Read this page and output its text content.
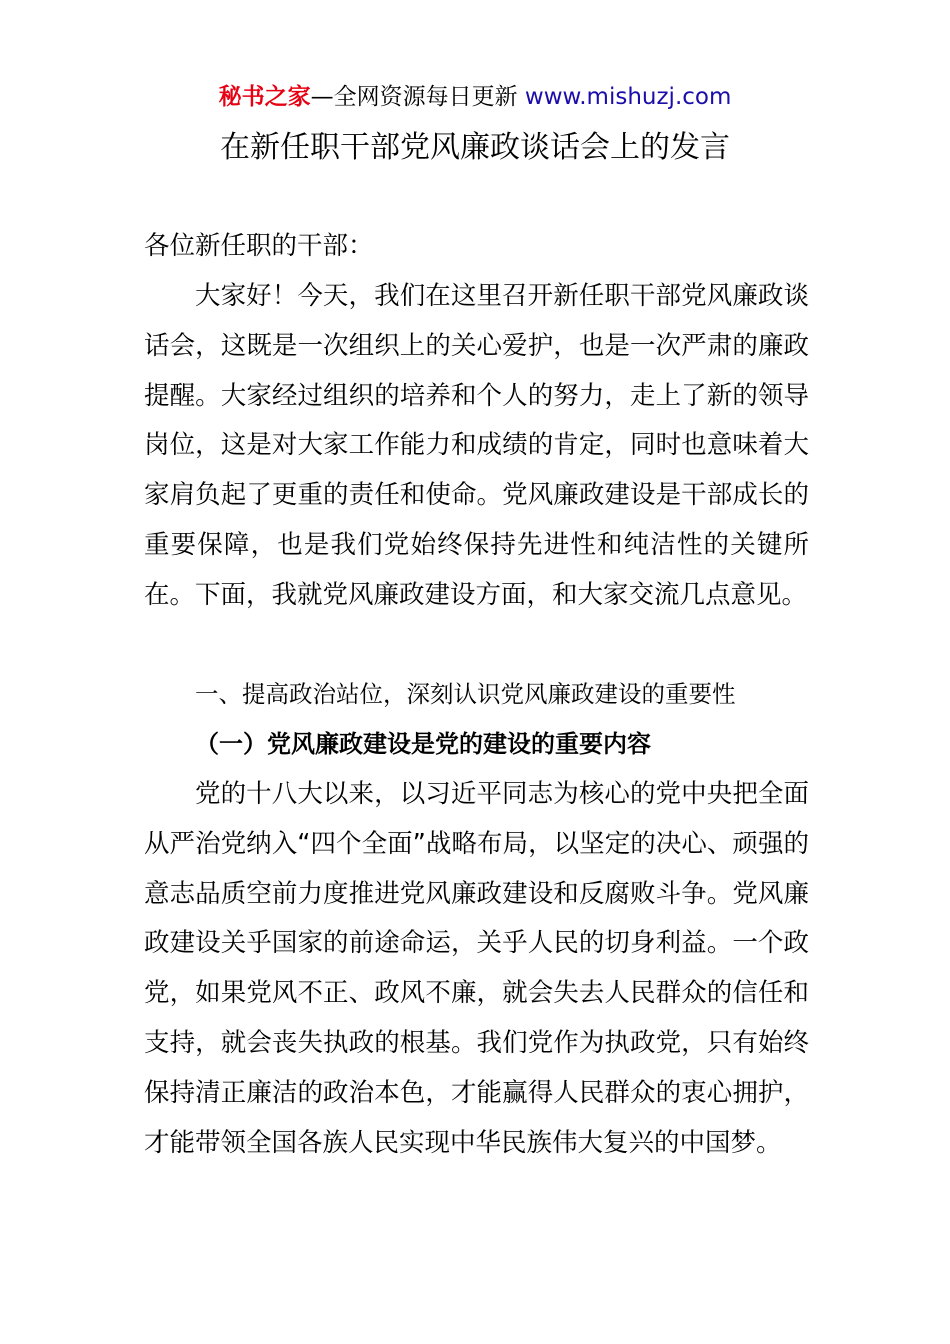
秘书之家—全网资源每日更新 www.mishuzj.com
在新任职干部党风廉政谈话会上的发言

各位新任职的干部：

大家好！今天，我们在这里召开新任职干部党风廉政谈话会，这既是一次组织上的关心爱护，也是一次严肃的廉政提醒。大家经过组织的培养和个人的努力，走上了新的领导岗位，这是对大家工作能力和成绩的肯定，同时也意味着大家肩负起了更重的责任和使命。党风廉政建设是干部成长的重要保障，也是我们党始终保持先进性和纯洁性的关键所在。下面，我就党风廉政建设方面，和大家交流几点意见。

一、提高政治站位，深刻认识党风廉政建设的重要性

（一）党风廉政建设是党的建设的重要内容

党的十八大以来，以习近平同志为核心的党中央把全面从严治党纳入“四个全面”战略布局，以坚定的决心、顽强的意志品质空前力度推进党风廉政建设和反腐败斗争。党风廉政建设关乎国家的前途命运，关乎人民的切身利益。一个政党，如果党风不正、政风不廉，就会失去人民群众的信任和支持，就会丧失执政的根基。我们党作为执政党，只有始终保持清正廉洁的政治本色，才能赢得人民群众的衷心拥护，才能带领全国各族人民实现中华民族伟大复兴的中国梦。
